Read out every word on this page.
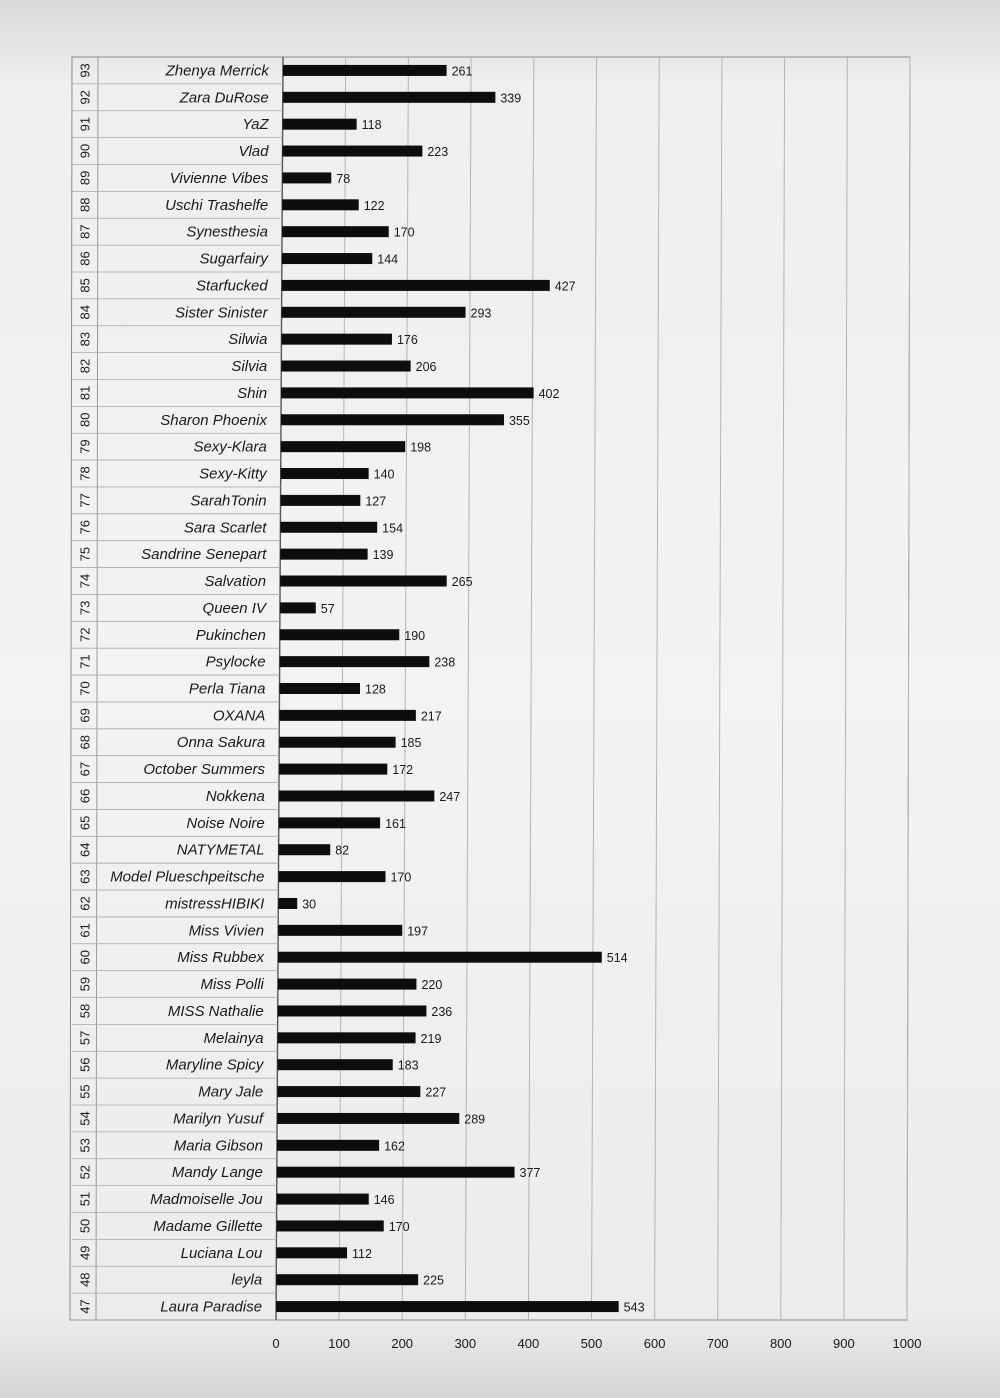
93	Zhenya Merrick	261
92	Zara DuRose	339
91	YaZ	118
90	Vlad	223
89	Vivienne Vibes	78
88	Uschi Trashelfe	122
87	Synesthesia	170
86	Sugarfairy	144
85	Starfucked	427
84	Sister Sinister	293
83	Silwia	176
82	Silvia	206
81	Shin	402
80	Sharon Phoenix	355
79	Sexy-Klara	198
78	Sexy-Kitty	140
77	SarahTonin	127
76	Sara Scarlet	154
75	Sandrine Senepart	139
74	Salvation	265
73	Queen IV	57
72	Pukinchen	190
71	Psylocke	238
70	Perla Tiana	128
69	OXANA	217
68	Onna Sakura	185
67	October Summers	172
66	Nokkena	247
65	Noise Noire	161
64	NATYMETAL	82
63 Model Plueschpeitsche	170
62	mistressHIBIKI	30
61	Miss Vivien	197
60	Miss Rubbex	514
59	Miss Polli	220
58	MISS Nathalie	236
57	Melainya	219
56	Maryline Spicy	183
55	Mary Jale	227
54	Marilyn Yusuf	289
53	Maria Gibson	162
52	Mandy Lange	377
51	Madmoiselle Jou	146
50	Madame Gillette	170
49	Luciana Lou	112
48	leyla	225
47	Laura Paradise	543
0	100	200	300	400	500	600	700	800	900	1000
